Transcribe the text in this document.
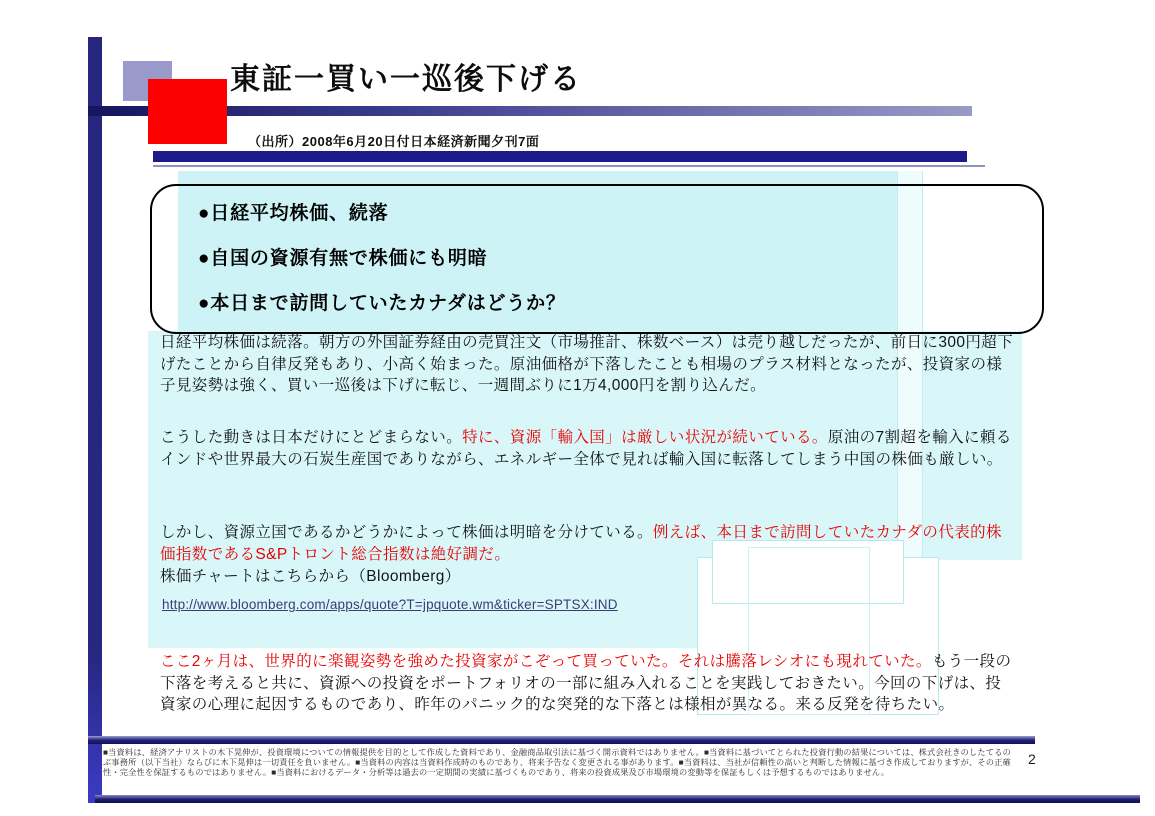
東証一買い一巡後下げる
（出所）2008年6月20日付日本経済新聞夕刊7面
●日経平均株価、続落
●自国の資源有無で株価にも明暗
●本日まで訪問していたカナダはどうか？
日経平均株価は続落。朝方の外国証券経由の売買注文（市場推計、株数ベース）は売り越しだったが、前日に300円超下げたことから自律反発もあり、小高く始まった。原油価格が下落したことも相場のプラス材料となったが、投資家の様子見姿勢は強く、買い一巡後は下げに転じ、一週間ぶりに1万4,000円を割り込んだ。
こうした動きは日本だけにとどまらない。特に、資源「輸入国」は厳しい状況が続いている。原油の7割超を輸入に頼るインドや世界最大の石炭生産国でありながら、エネルギー全体で見れば輸入国に転落してしまう中国の株価も厳しい。
しかし、資源立国であるかどうかによって株価は明暗を分けている。例えば、本日まで訪問していたカナダの代表的株価指数であるS&Pトロント総合指数は絶好調だ。
株価チャートはこちらから（Bloomberg）
http://www.bloomberg.com/apps/quote?T=jpquote.wm&ticker=SPTSX:IND
ここ2ヶ月は、世界的に楽観姿勢を強めた投資家がこぞって買っていた。それは騰落レシオにも現れていた。もう一段の下落を考えると共に、資源への投資をポートフォリオの一部に組み入れることを実践しておきたい。今回の下げは、投資家の心理に起因するものであり、昨年のパニック的な突発的な下落とは様相が異なる。来る反発を待ちたい。
■当資料は、経済アナリストの木下晃伸が、投資環境についての情報提供を目的として作成した資料であり、金融商品取引法に基づく開示資料ではありません。■当資料に基づいてとられた投資行動の結果については、株式会社きのしたてるのぶ事務所（以下当社）ならびに木下晃伸は一切責任を負いません。■当資料の内容は当資料作成時のものであり、将来予告なく変更される事があります。■当資料は、当社が信頼性の高いと判断した情報に基づき作成しておりますが、その正確性・完全性を保証するものではありません。■当資料におけるデータ・分析等は過去の一定期間の実績に基づくものであり、将来の投資成果及び市場環境の変動等を保証もしくは予想するものではありません。
2
